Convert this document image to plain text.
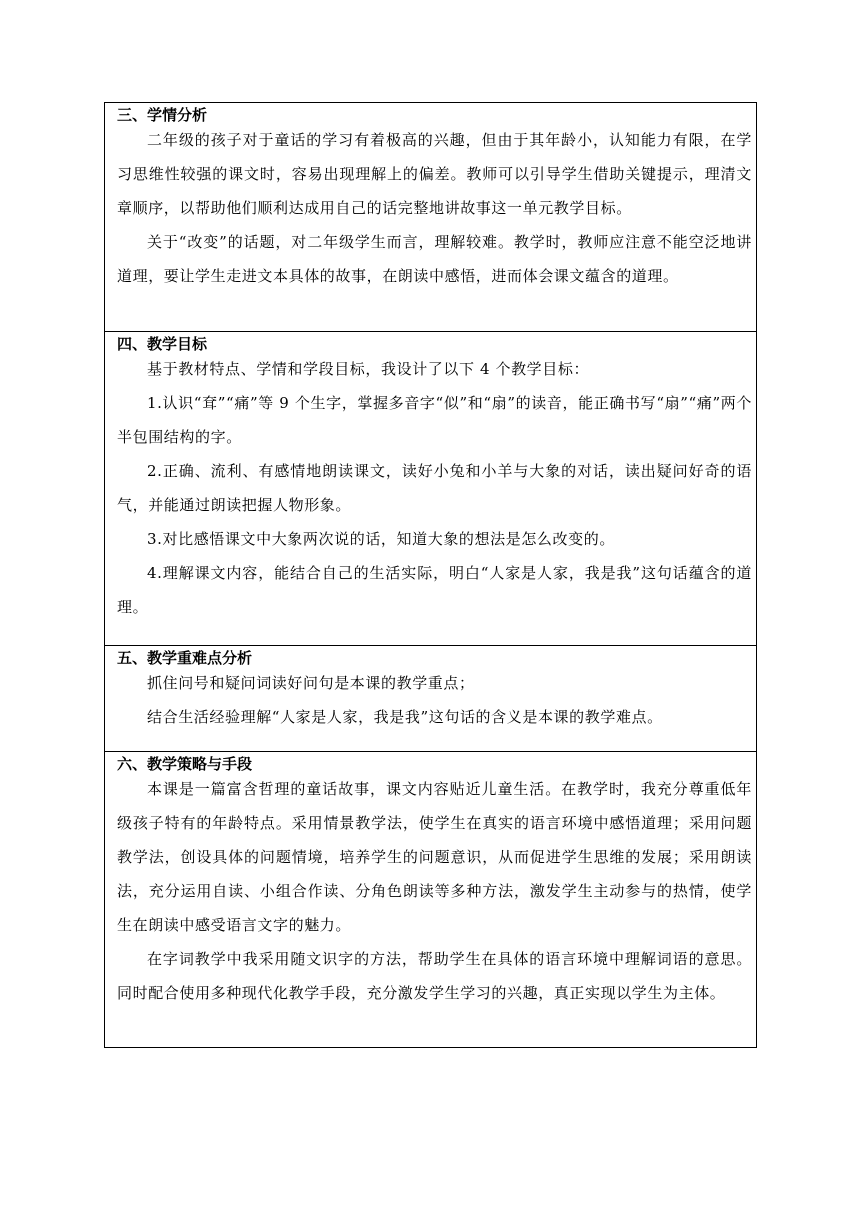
三、学情分析

二年级的孩子对于童话的学习有着极高的兴趣，但由于其年龄小，认知能力有限，在学习思维性较强的课文时，容易出现理解上的偏差。教师可以引导学生借助关键提示，理清文章顺序，以帮助他们顺利达成用自己的话完整地讲故事这一单元教学目标。

关于“改变”的话题，对二年级学生而言，理解较难。教学时，教师应注意不能空泛地讲道理，要让学生走进文本具体的故事，在朗读中感悟，进而体会课文蕴含的道理。

四、教学目标

基于教材特点、学情和学段目标，我设计了以下 4 个教学目标：

1.认识“耷”“痛”等 9 个生字，掌握多音字“似”和“扇”的读音，能正确书写“扇”“痛”两个半包围结构的字。

2.正确、流利、有感情地朗读课文，读好小兔和小羊与大象的对话，读出疑问好奇的语气，并能通过朗读把握人物形象。

3.对比感悟课文中大象两次说的话，知道大象的想法是怎么改变的。

4.理解课文内容，能结合自己的生活实际，明白“人家是人家，我是我”这句话蕴含的道理。

五、教学重难点分析

抓住问号和疑问词读好问句是本课的教学重点；

结合生活经验理解“人家是人家，我是我”这句话的含义是本课的教学难点。

六、教学策略与手段

本课是一篇富含哲理的童话故事，课文内容贴近儿童生活。在教学时，我充分尊重低年级孩子特有的年龄特点。采用情景教学法，使学生在真实的语言环境中感悟道理；采用问题教学法，创设具体的问题情境，培养学生的问题意识，从而促进学生思维的发展；采用朗读法，充分运用自读、小组合作读、分角色朗读等多种方法，激发学生主动参与的热情，使学生在朗读中感受语言文字的魅力。

在字词教学中我采用随文识字的方法，帮助学生在具体的语言环境中理解词语的意思。同时配合使用多种现代化教学手段，充分激发学生学习的兴趣，真正实现以学生为主体。
